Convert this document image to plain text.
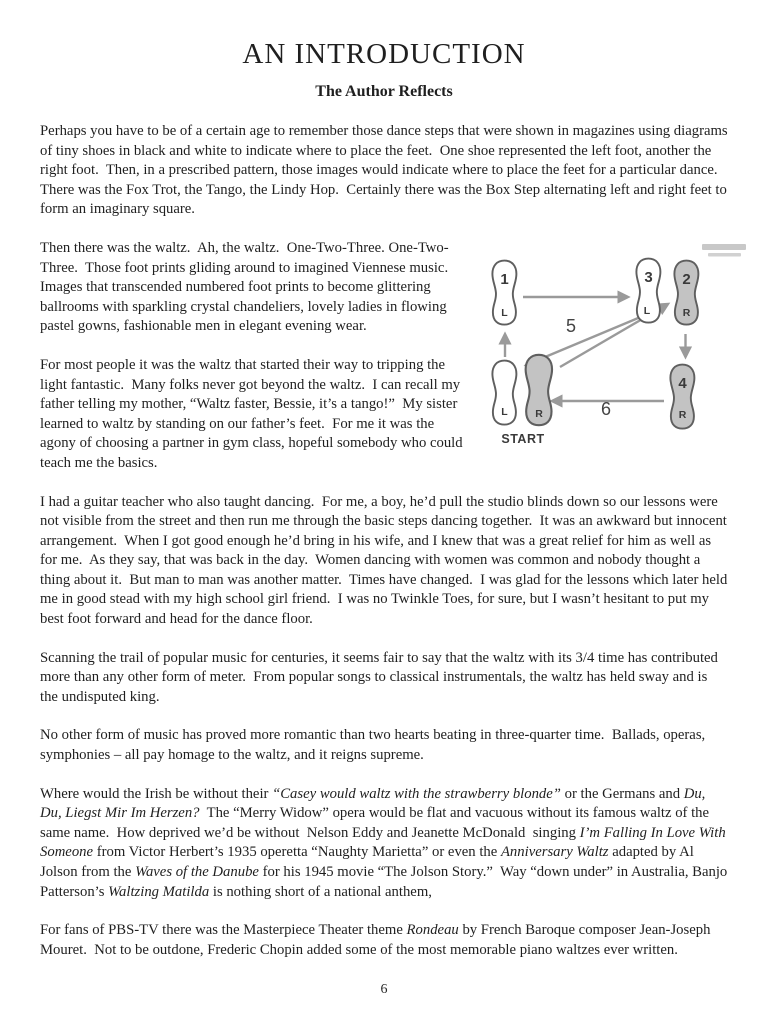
AN INTRODUCTION
The Author Reflects

Perhaps you have to be of a certain age to remember those dance steps that were shown in magazines using diagrams of tiny shoes in black and white to indicate where to place the feet.  One shoe represented the left foot, another the right foot.  Then, in a prescribed pattern, those images would indicate where to place the feet for a particular dance.  There was the Fox Trot, the Tango, the Lindy Hop.  Certainly there was the Box Step alternating left and right feet to form an imaginary square.

Then there was the waltz.  Ah, the waltz.  One-Two-Three. One-Two-Three.  Those foot prints gliding around to imagined Viennese music.  Images that transcended numbered foot prints to become glittering ballrooms with sparkling crystal chandeliers, lovely ladies in flowing pastel gowns, fashionable men in elegant evening wear.

For most people it was the waltz that started their way to tripping the light fantastic.  Many folks never got beyond the waltz.  I can recall my father telling my mother, “Waltz faster, Bessie, it’s a tango!”  My sister learned to waltz by standing on our father’s feet.  For me it was the agony of choosing a partner in gym class, hopeful somebody who could teach me the basics.

1	3 2
4
L	L	R
R
L	R
5
6
START

I had a guitar teacher who also taught dancing.  For me, a boy, he’d pull the studio blinds down so our lessons were not visible from the street and then run me through the basic steps dancing together.  It was an awkward but innocent arrangement.  When I got good enough he’d bring in his wife, and I knew that was a great relief for him as well as for me.  As they say, that was back in the day.  Women dancing with women was common and nobody thought a thing about it.  But man to man was another matter.  Times have changed.  I was glad for the lessons which later held me in good stead with my high school girl friend.  I was no Twinkle Toes, for sure, but I wasn’t hesitant to put my best foot forward and head for the dance floor.

Scanning the trail of popular music for centuries, it seems fair to say that the waltz with its 3/4 time has contributed more than any other form of meter.  From popular songs to classical instrumentals, the waltz has held sway and is the undisputed king.

No other form of music has proved more romantic than two hearts beating in three-quarter time.  Ballads, operas, symphonies – all pay homage to the waltz, and it reigns supreme.

Where would the Irish be without their “Casey would waltz with the strawberry blonde” or the Germans and Du, Du, Liegst Mir Im Herzen?  The “Merry Widow” opera would be flat and vacuous without its famous waltz of the same name.  How deprived we’d be without  Nelson Eddy and Jeanette McDonald  singing I’m Falling In Love With Someone from Victor Herbert’s 1935 operetta “Naughty Marietta” or even the Anniversary Waltz adapted by Al Jolson from the Waves of the Danube for his 1945 movie “The Jolson Story.”  Way “down under” in Australia, Banjo Patterson’s Waltzing Matilda is nothing short of a national anthem,

For fans of PBS-TV there was the Masterpiece Theater theme Rondeau by French Baroque composer Jean-Joseph Mouret.  Not to be outdone, Frederic Chopin added some of the most memorable piano waltzes ever written.

6
